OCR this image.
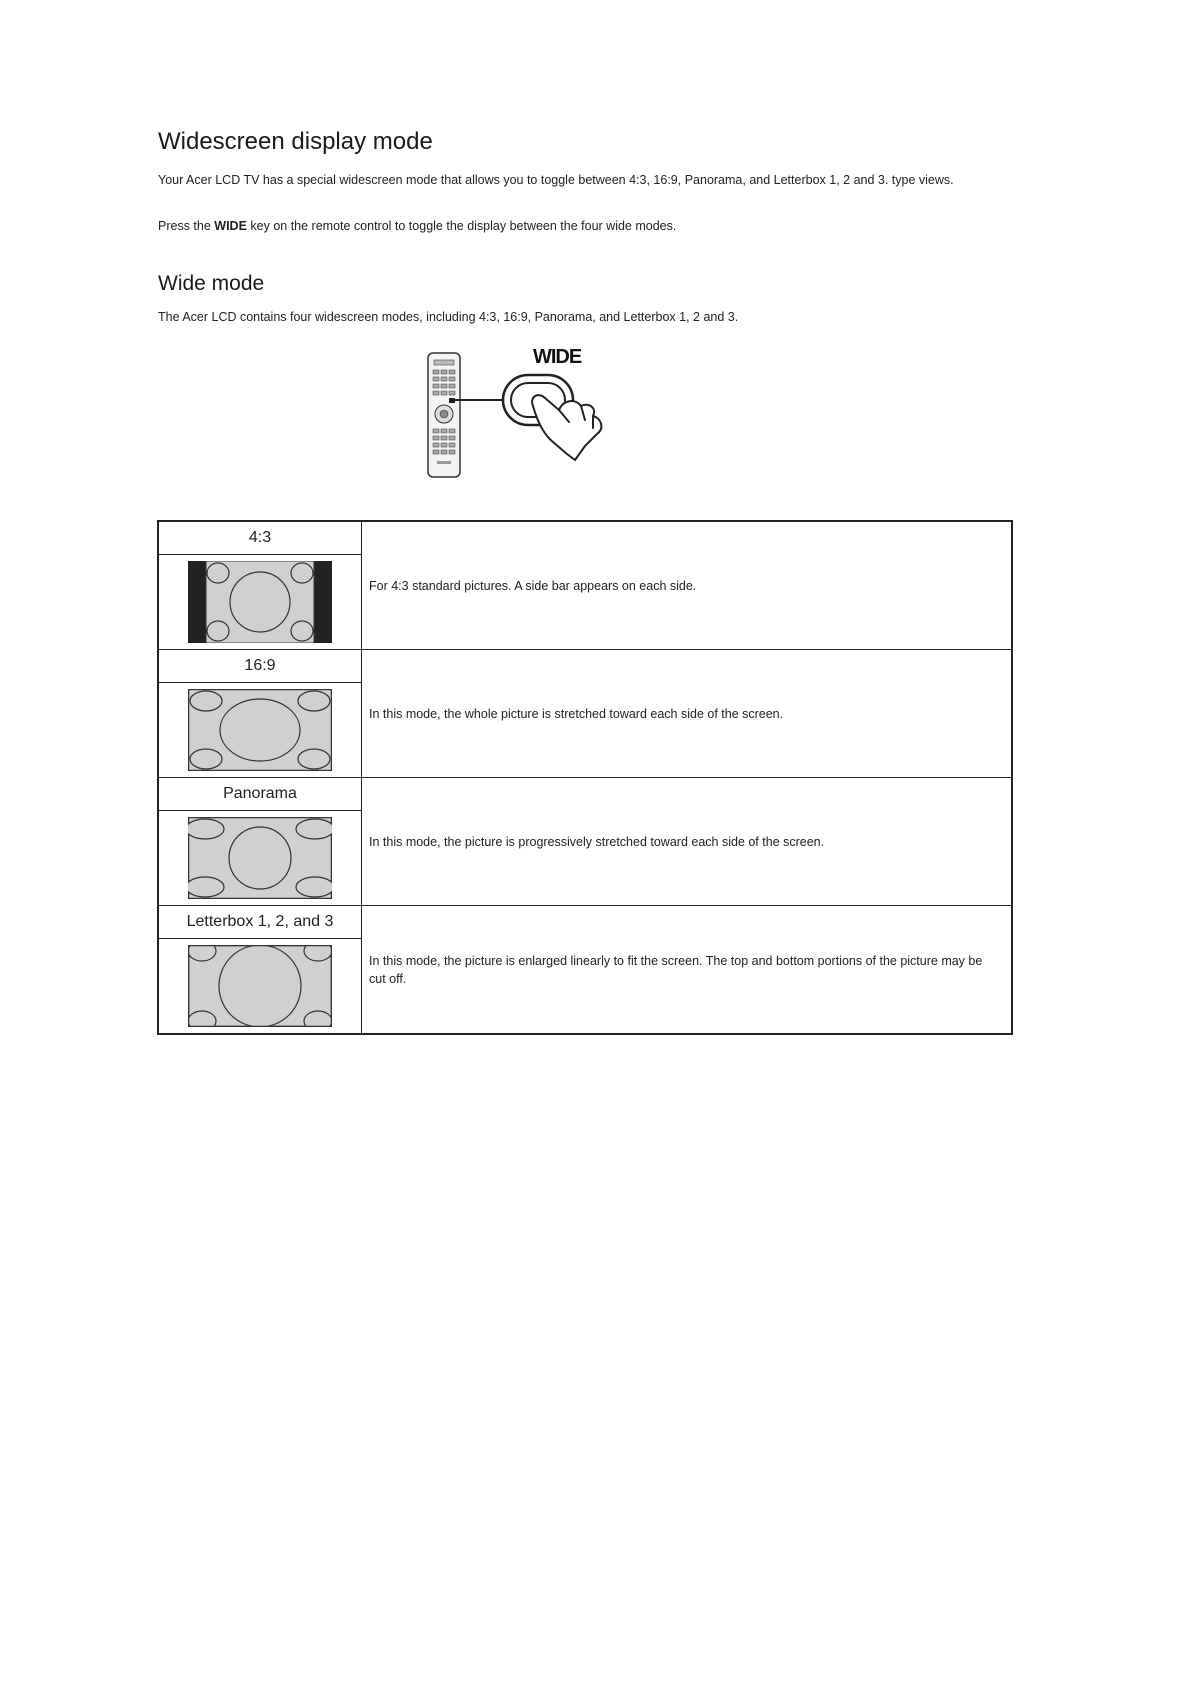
Widescreen display mode

Your Acer LCD TV has a special widescreen mode that allows you to toggle between 4:3, 16:9, Panorama, and Letterbox 1, 2 and 3. type views.

Press the WIDE key on the remote control to toggle the display between the four wide modes.

Wide mode

The Acer LCD contains four widescreen modes, including 4:3, 16:9, Panorama, and Letterbox 1, 2 and 3.

WIDE
4:3	For 4:3 standard pictures. A side bar appears on each side.

16:9	In this mode, the whole picture is stretched toward each side of the screen.

Panorama	In this mode, the picture is progressively stretched toward each side of the screen.

Letterbox 1, 2, and 3	In this mode, the picture is enlarged linearly to fit the screen. The top and bottom portions of the picture may be cut off.
